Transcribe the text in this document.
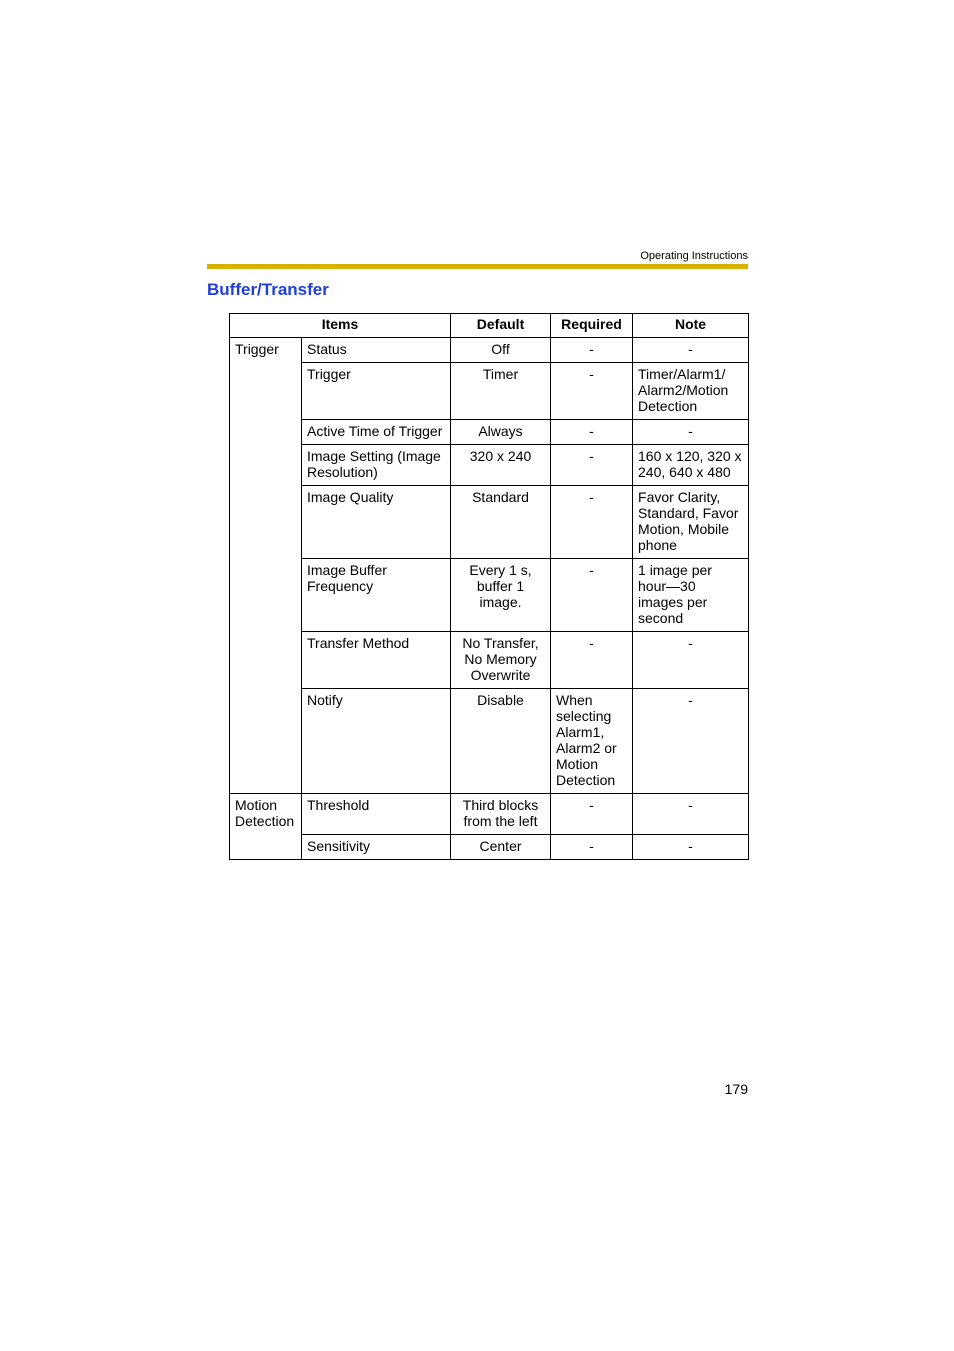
Operating Instructions
Buffer/Transfer
Items		Default	Required	Note
Trigger	Status	Off	-	-
	Trigger	Timer	-	Timer/Alarm1/ Alarm2/Motion Detection
	Active Time of Trigger	Always	-	-
	Image Setting (Image Resolution)	320 x 240	-	160 x 120, 320 x 240, 640 x 480
	Image Quality	Standard	-	Favor Clarity, Standard, Favor Motion, Mobile phone
	Image Buffer Frequency	Every 1 s, buffer 1 image.	-	1 image per hour—30 images per second
	Transfer Method	No Transfer, No Memory Overwrite	-	-
	Notify	Disable	When selecting Alarm1, Alarm2 or Motion Detection	-
Motion Detection	Threshold	Third blocks from the left	-	-
	Sensitivity	Center	-	-
179
